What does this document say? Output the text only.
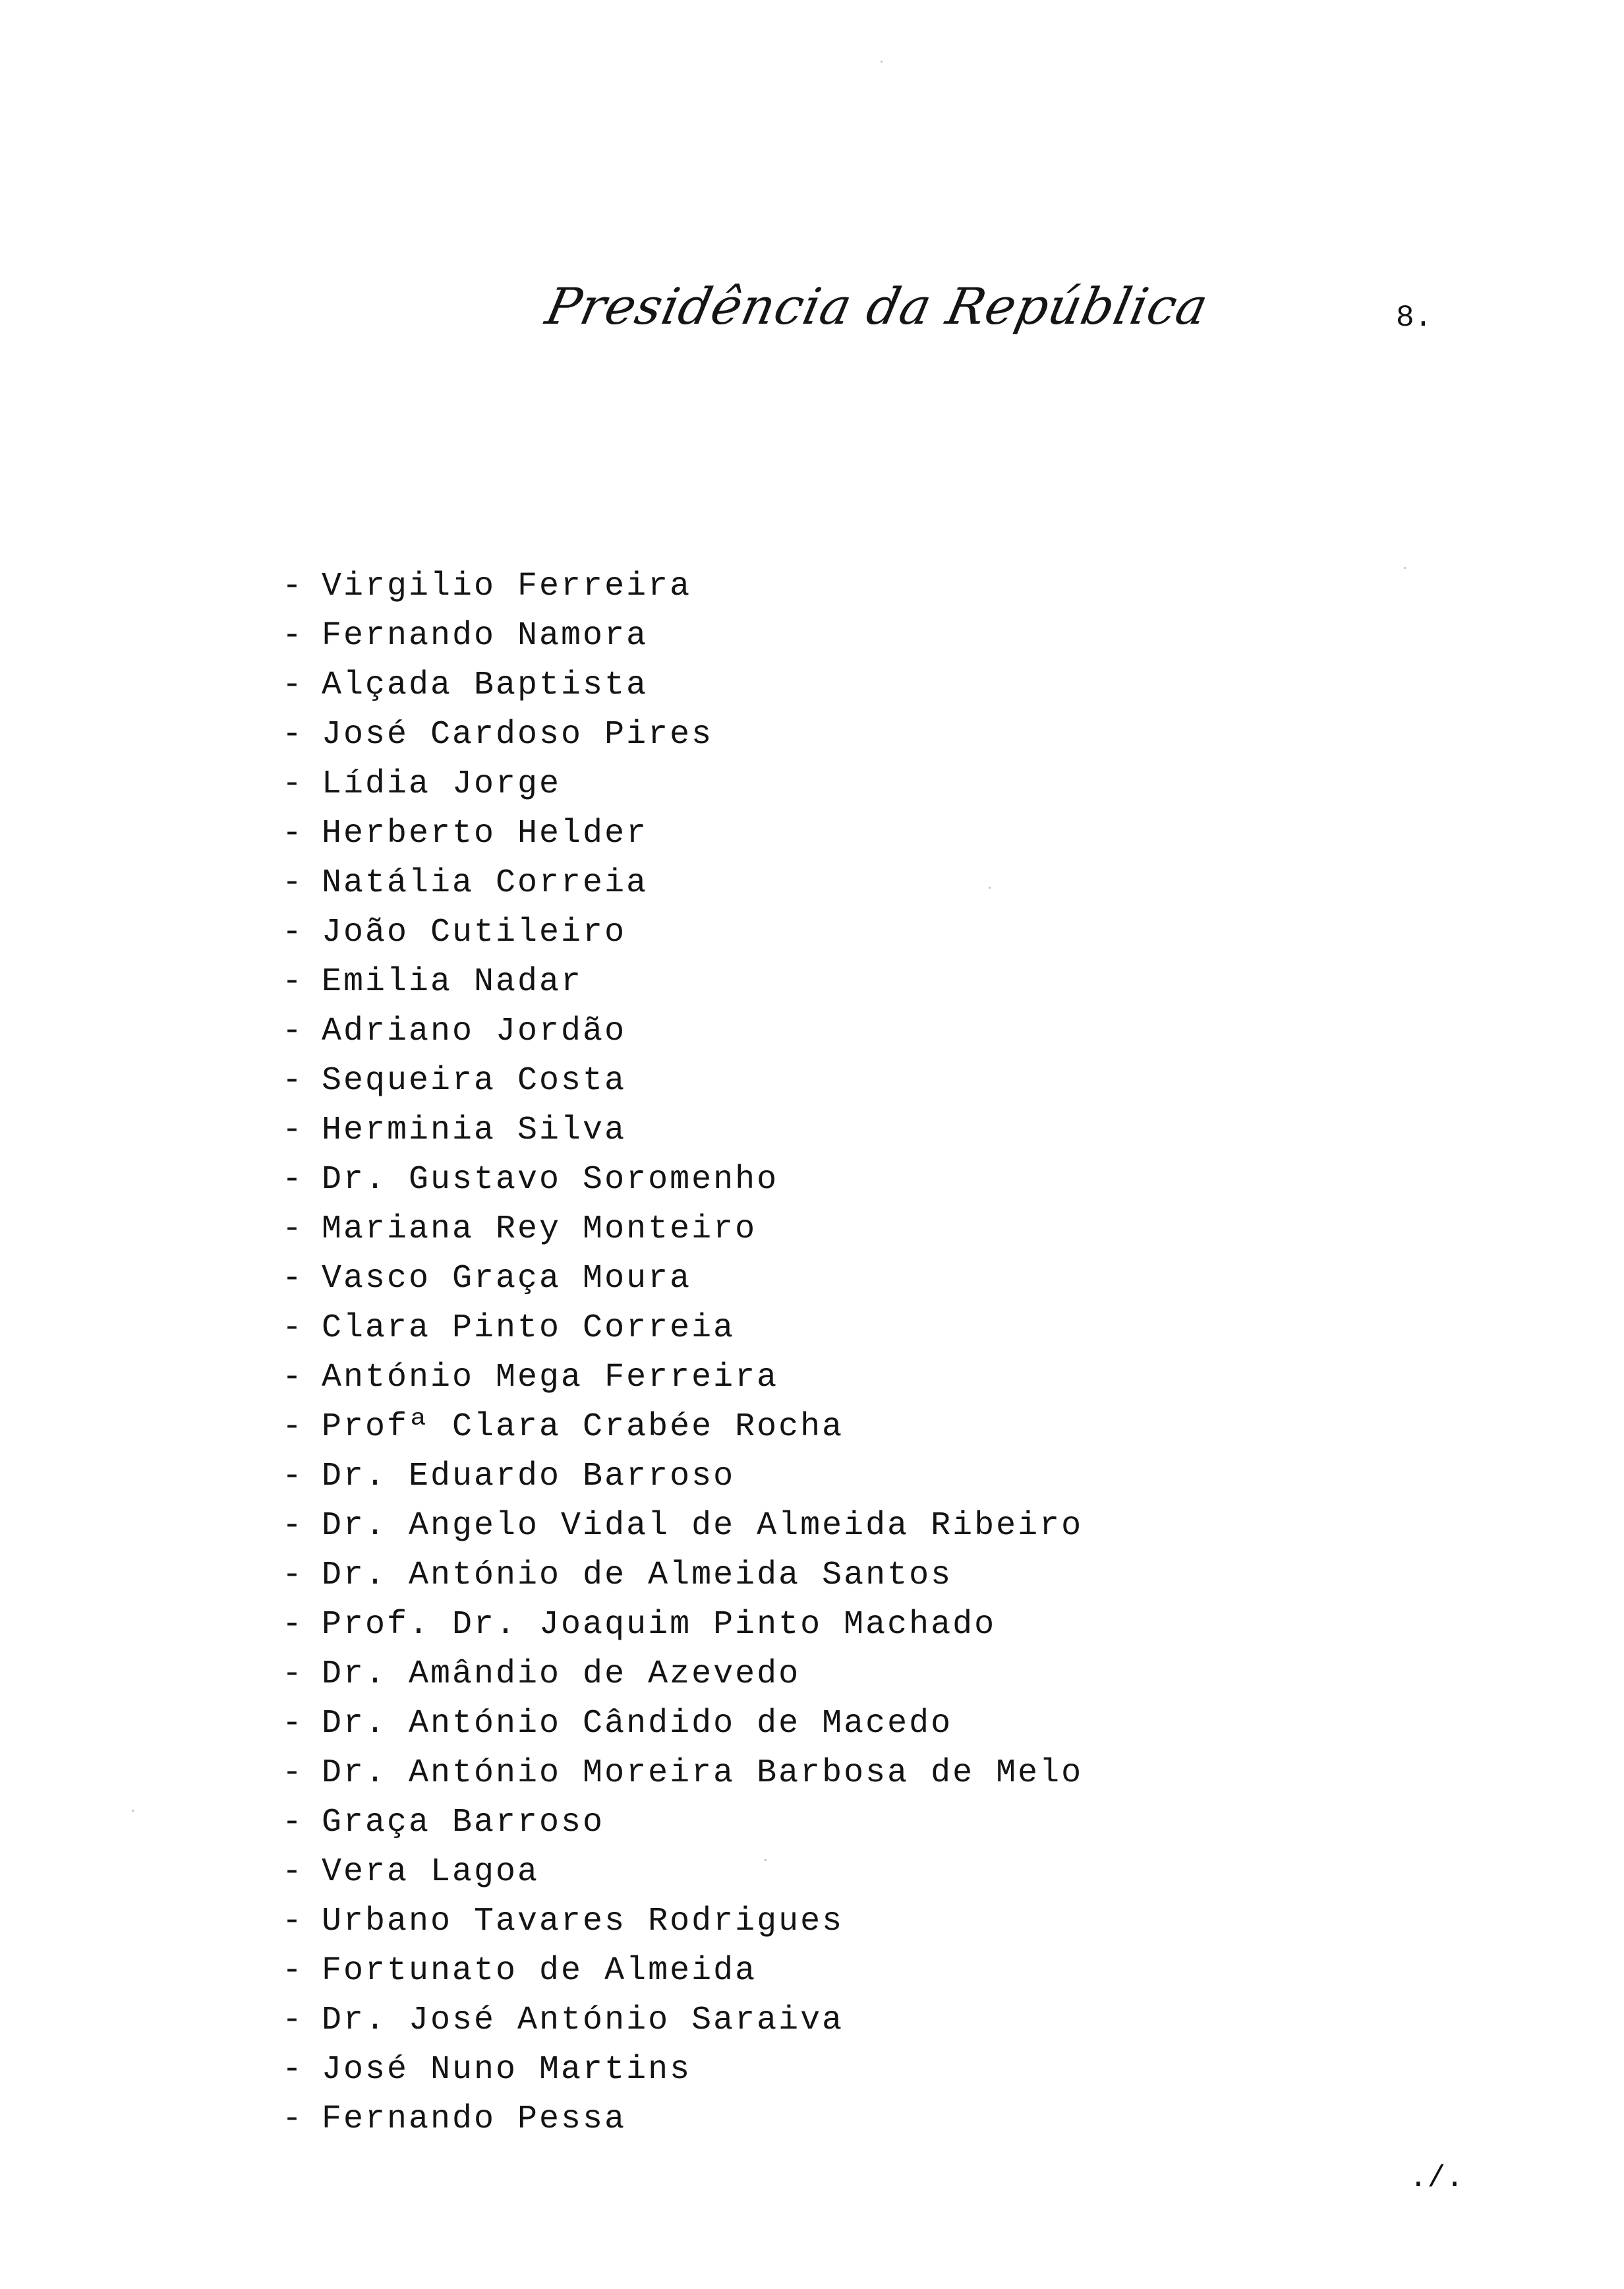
Presidência da República	8.
- Virgilio Ferreira
- Fernando Namora
- Alçada Baptista
- José Cardoso Pires
- Lídia Jorge
- Herberto Helder
- Natália Correia
- João Cutileiro
- Emilia Nadar
- Adriano Jordão
- Sequeira Costa
- Herminia Silva
- Dr. Gustavo Soromenho
- Mariana Rey Monteiro
- Vasco Graça Moura
- Clara Pinto Correia
- António Mega Ferreira
- Profª Clara Crabée Rocha
- Dr. Eduardo Barroso
- Dr. Angelo Vidal de Almeida Ribeiro
- Dr. António de Almeida Santos
- Prof. Dr. Joaquim Pinto Machado
- Dr. Amândio de Azevedo
- Dr. António Cândido de Macedo
- Dr. António Moreira Barbosa de Melo
- Graça Barroso
- Vera Lagoa
- Urbano Tavares Rodrigues
- Fortunato de Almeida
- Dr. José António Saraiva
- José Nuno Martins
- Fernando Pessa
./.
